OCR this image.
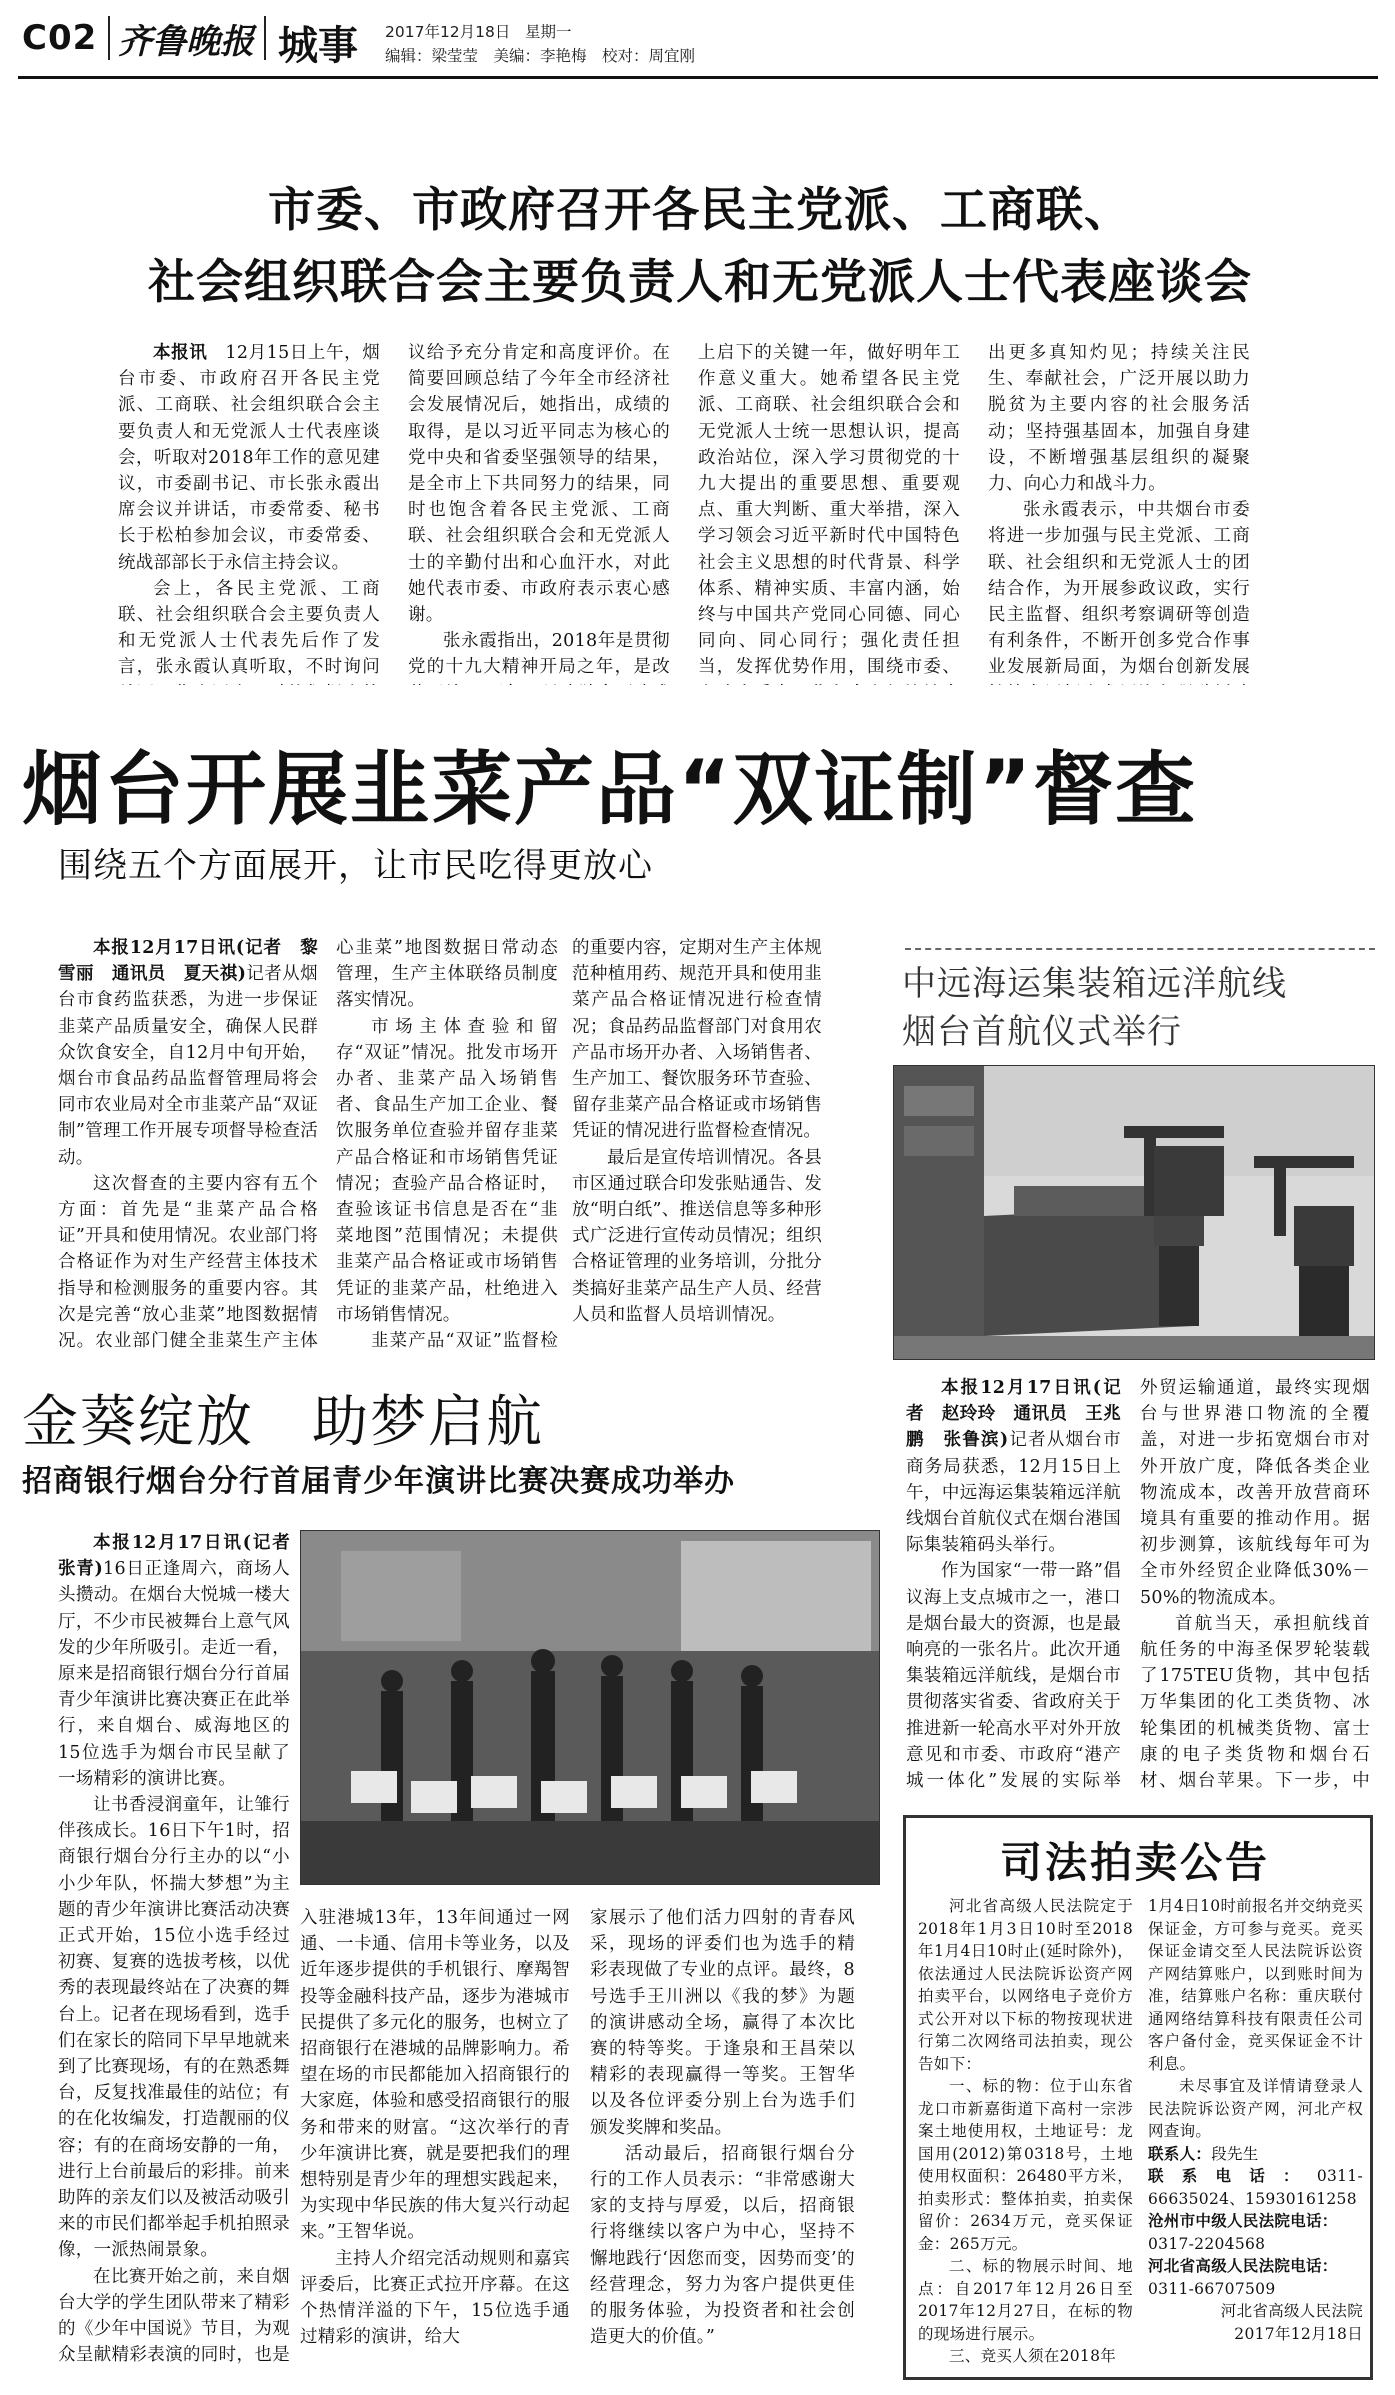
C02 齐鲁晚报 城事 2017年12月18日 星期一
编辑：梁莹莹　美编：李艳梅　校对：周宜刚
市委、市政府召开各民主党派、工商联、
社会组织联合会主要负责人和无党派人士代表座谈会

本报讯　 12月15日上午，烟台市委、市政府召开各民主党派、工商联、社会组织联合会主要负责人和无党派人士代表座谈会，听取对2018年工作的意见建议，市委副书记、市长张永霞出席会议并讲话，市委常委、秘书长于松柏参加会议，市委常委、统战部部长于永信主持会议。

会上，各民主党派、工商联、社会组织联合会主要负责人和无党派人士代表先后作了发言，张永霞认真听取，不时询问

议给予充分肯定和高度评价。在简要回顾总结了今年全市经济社会发展情况后，她指出，成绩的取得，是以习近平同志为核心的党中央和省委坚强领导的结果，是全市上下共同努力的结果，同时也饱含着各民主党派、工商联、社会组织联合会和无党派人士的辛勤付出和心血汗水，对此她代表市委、市政府表示衷心感谢。

张永霞指出，2018年是贯彻党的十九大精神开局之年，是改

上启下的关键一年，做好明年工作意义重大。她希望各民主党派、工商联、社会组织联合会和无党派人士统一思想认识，提高政治站位，深入学习贯彻党的十九大提出的重要思想、重要观点、重大判断、重大举措，深入学习领会习近平新时代中国特色社会主义思想的时代背景、科学体系、精神实质、丰富内涵，始终与中国共产党同心同德、同心同向、同心同行；强化责任担当，发挥优势作用，围绕市委、

出更多真知灼见；持续关注民生、奉献社会，广泛开展以助力脱贫为主要内容的社会服务活动；坚持强基固本，加强自身建设，不断增强基层组织的凝聚力、向心力和战斗力。

张永霞表示，中共烟台市委将进一步加强与民主党派、工商联、社会组织和无党派人士的团结合作，为开展参政议政，实行民主监督、组织考察调研等创造有利条件，不断开创多党合作事业发展新局面，为烟台创新发展

烟台开展韭菜产品“双证制”督查
围绕五个方面展开，让市民吃得更放心

本报12月17日讯(记者　黎雪丽　通讯员　夏天祺)记者从烟台市食药监获悉，为进一步保证韭菜产品质量安全，确保人民群众饮食安全，自12月中旬开始，烟台市食品药品监督管理局将会同市农业局对全市韭菜产品“双证制”管理工作开展专项督导检查活动。

这次督查的主要内容有五个方面：首先是“韭菜产品合格证”开具和使用情况。农业部门将合格证作为对生产经营主体技术指导和检测服务的重要内容。其次是完善“放心韭菜”地图数据情况。农业部门健全韭菜生产主体

心韭菜”地图数据日常动态管理，生产主体联络员制度落实情况。

市场主体查验和留存“双证”情况。批发市场开办者、韭菜产品入场销售者、食品生产加工企业、餐饮服务单位查验并留存韭菜产品合格证和市场销售凭证情况；查验产品合格证时，查验该证书信息是否在“韭菜地图”范围情况；未提供韭菜产品合格证或市场销售凭证的韭菜产品，杜绝进入市场销售情况。

韭菜产品“双证”监督检

的重要内容，定期对生产主体规范种植用药、规范开具和使用韭菜产品合格证情况进行检查情况；食品药品监督部门对食用农产品市场开办者、入场销售者、生产加工、餐饮服务环节查验、留存韭菜产品合格证或市场销售凭证的情况进行监督检查情况。

最后是宣传培训情况。各县市区通过联合印发张贴通告、发放“明白纸”、推送信息等多种形式广泛进行宣传动员情况；组织合格证管理的业务培训，分批分类搞好韭菜产品生产人员、经营人员和监督人员培训情况。

中远海运集装箱远洋航线
烟台首航仪式举行

本报12月17日讯(记者　赵玲玲　通讯员　王兆鹏　张鲁滨)记者从烟台市商务局获悉，12月15日上午，中远海运集装箱远洋航线烟台首航仪式在烟台港国际集装箱码头举行。

作为国家“一带一路”倡议海上支点城市之一，港口是烟台最大的资源，也是最响亮的一张名片。此次开通集装箱远洋航线，是烟台市贯彻落实省委、省政府关于推进新一轮高水平对外开放意见和市委、市政府“港产城一体化”发展的实际举

外贸运输通道，最终实现烟台与世界港口物流的全覆盖，对进一步拓宽烟台市对外开放广度，降低各类企业物流成本，改善开放营商环境具有重要的推动作用。据初步测算，该航线每年可为全市外经贸企业降低30%－50%的物流成本。

首航当天，承担航线首航任务的中海圣保罗轮装载了175TEU货物，其中包括万华集团的化工类货物、冰轮集团的机械类货物、富士康的电子类货物和烟台石材、烟台苹果。下一步，中

金葵绽放　助梦启航
招商银行烟台分行首届青少年演讲比赛决赛成功举办

本报12月17日讯(记者　张青)16日正逢周六，商场人头攒动。在烟台大悦城一楼大厅，不少市民被舞台上意气风发的少年所吸引。走近一看，原来是招商银行烟台分行首届青少年演讲比赛决赛正在此举行，来自烟台、威海地区的15位选手为烟台市民呈献了一场精彩的演讲比赛。

让书香浸润童年，让雏行伴孩成长。16日下午1时，招商银行烟台分行主办的以“小小少年队，怀揣大梦想”为主题的青少年演讲比赛活动决赛正式开始，15位小选手经过初赛、复赛的选拔考核，以优秀的表现最终站在了决赛的舞台上。记者在现场看到，选手们在家长的陪同下早早地就来到了比赛现场，有的在熟悉舞台，反复找准最佳的站位；有的在化妆编发，打造靓丽的仪容；有的在商场安静的一角，进行上台前最后的彩排。前来助阵的亲友们以及被活动吸引来的市民们都举起手机拍照录像，一派热闹景象。

在比赛开始之前，来自烟台大学的学生团队带来了精彩的《少年中国说》节目，为观众呈献精彩表演的同时，也是

入驻港城13年，13年间通过一网通、一卡通、信用卡等业务，以及近年逐步提供的手机银行、摩羯智投等金融科技产品，逐步为港城市民提供了多元化的服务，也树立了招商银行在港城的品牌影响力。希望在场的市民都能加入招商银行的大家庭，体验和感受招商银行的服务和带来的财富。“这次举行的青少年演讲比赛，就是要把我们的理想特别是青少年的理想实践起来，为实现中华民族的伟大复兴行动起来。”王智华说。

主持人介绍完活动规则和嘉宾评委后，比赛正式拉开序幕。在这个热情洋溢的下午，15位选手通过精彩的演讲，给大

家展示了他们活力四射的青春风采，现场的评委们也为选手的精彩表现做了专业的点评。最终，8号选手王川洲以《我的梦》为题的演讲感动全场，赢得了本次比赛的特等奖。于逢泉和王昌荣以精彩的表现赢得一等奖。王智华以及各位评委分别上台为选手们颁发奖牌和奖品。

活动最后，招商银行烟台分行的工作人员表示：“非常感谢大家的支持与厚爱，以后，招商银行将继续以客户为中心，坚持不懈地践行‘因您而变，因势而变’的经营理念，努力为客户提供更佳的服务体验，为投资者和社会创造更大的价值。”

司法拍卖公告

河北省高级人民法院定于2018年1月3日10时至2018年1月4日10时止(延时除外)，依法通过人民法院诉讼资产网拍卖平台，以网络电子竞价方式公开对以下标的物按现状进行第二次网络司法拍卖，现公告如下：

一、标的物：位于山东省龙口市新嘉街道下高村一宗涉案土地使用权，土地证号：龙国用(2012)第0318号，土地使用权面积：26480平方米，拍卖形式：整体拍卖，拍卖保留价：2634万元，竞买保证金：265万元。

二、标的物展示时间、地点：自2017年12月26日至2017年12月27日，在标的物的现场进行展示。

三、竞买人须在2018年

1月4日10时前报名并交纳竞买保证金，方可参与竞买。竞买保证金请交至人民法院诉讼资产网结算账户，以到账时间为准，结算账户名称：重庆联付通网络结算科技有限责任公司客户备付金，竞买保证金不计利息。

未尽事宜及详情请登录人民法院诉讼资产网，河北产权网查询。

联系人：段先生

联系电话：0311-66635024、15930161258

沧州市中级人民法院电话：

0317-2204568

河北省高级人民法院电话：

0311-66707509

河北省高级人民法院

2017年12月18日
